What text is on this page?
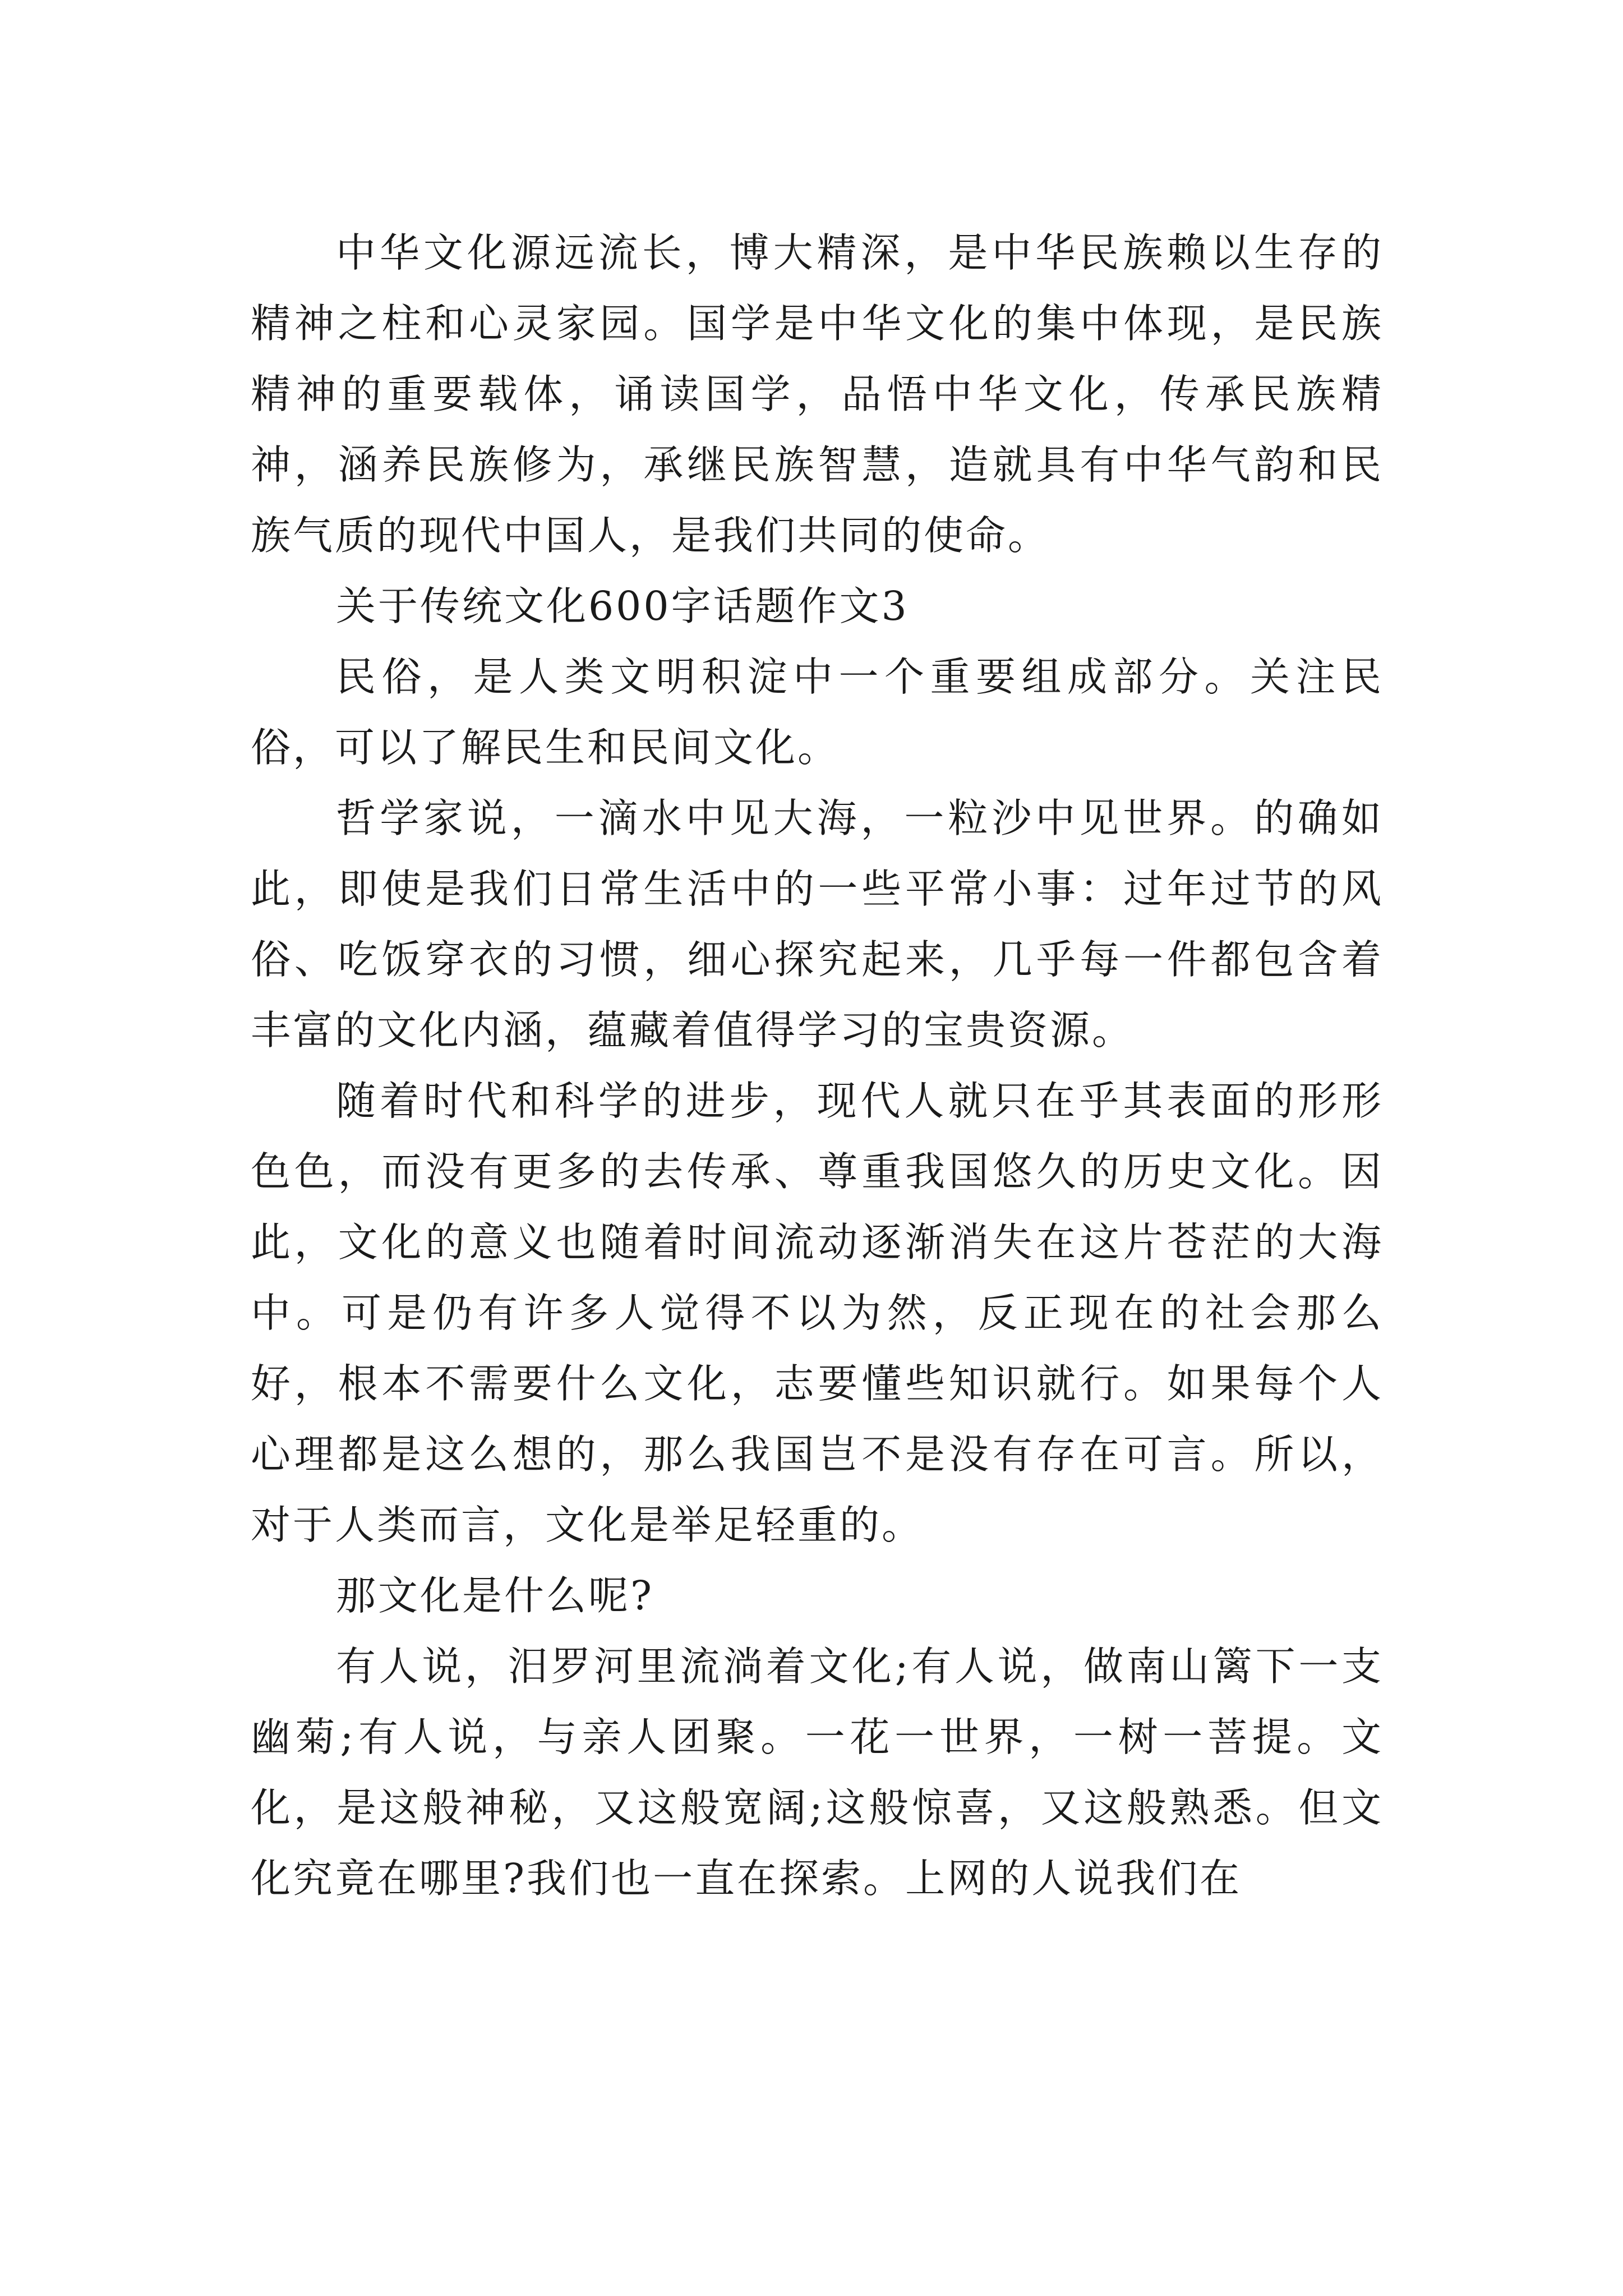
中华文化源远流长，博大精深，是中华民族赖以生存的精神之柱和心灵家园。国学是中华文化的集中体现，是民族精神的重要载体，诵读国学，品悟中华文化，传承民族精神，涵养民族修为，承继民族智慧，造就具有中华气韵和民族气质的现代中国人，是我们共同的使命。

关于传统文化600字话题作文3

民俗，是人类文明积淀中一个重要组成部分。关注民俗，可以了解民生和民间文化。

哲学家说，一滴水中见大海，一粒沙中见世界。的确如此，即使是我们日常生活中的一些平常小事：过年过节的风俗、吃饭穿衣的习惯，细心探究起来，几乎每一件都包含着丰富的文化内涵，蕴藏着值得学习的宝贵资源。

随着时代和科学的进步，现代人就只在乎其表面的形形色色，而没有更多的去传承、尊重我国悠久的历史文化。因此，文化的意义也随着时间流动逐渐消失在这片苍茫的大海中。可是仍有许多人觉得不以为然，反正现在的社会那么好，根本不需要什么文化，志要懂些知识就行。如果每个人心理都是这么想的，那么我国岂不是没有存在可言。所以，对于人类而言，文化是举足轻重的。

那文化是什么呢?

有人说，汨罗河里流淌着文化;有人说，做南山篱下一支幽菊;有人说，与亲人团聚。一花一世界，一树一菩提。文化，是这般神秘，又这般宽阔;这般惊喜，又这般熟悉。但文化究竟在哪里?我们也一直在探索。上网的人说我们在
